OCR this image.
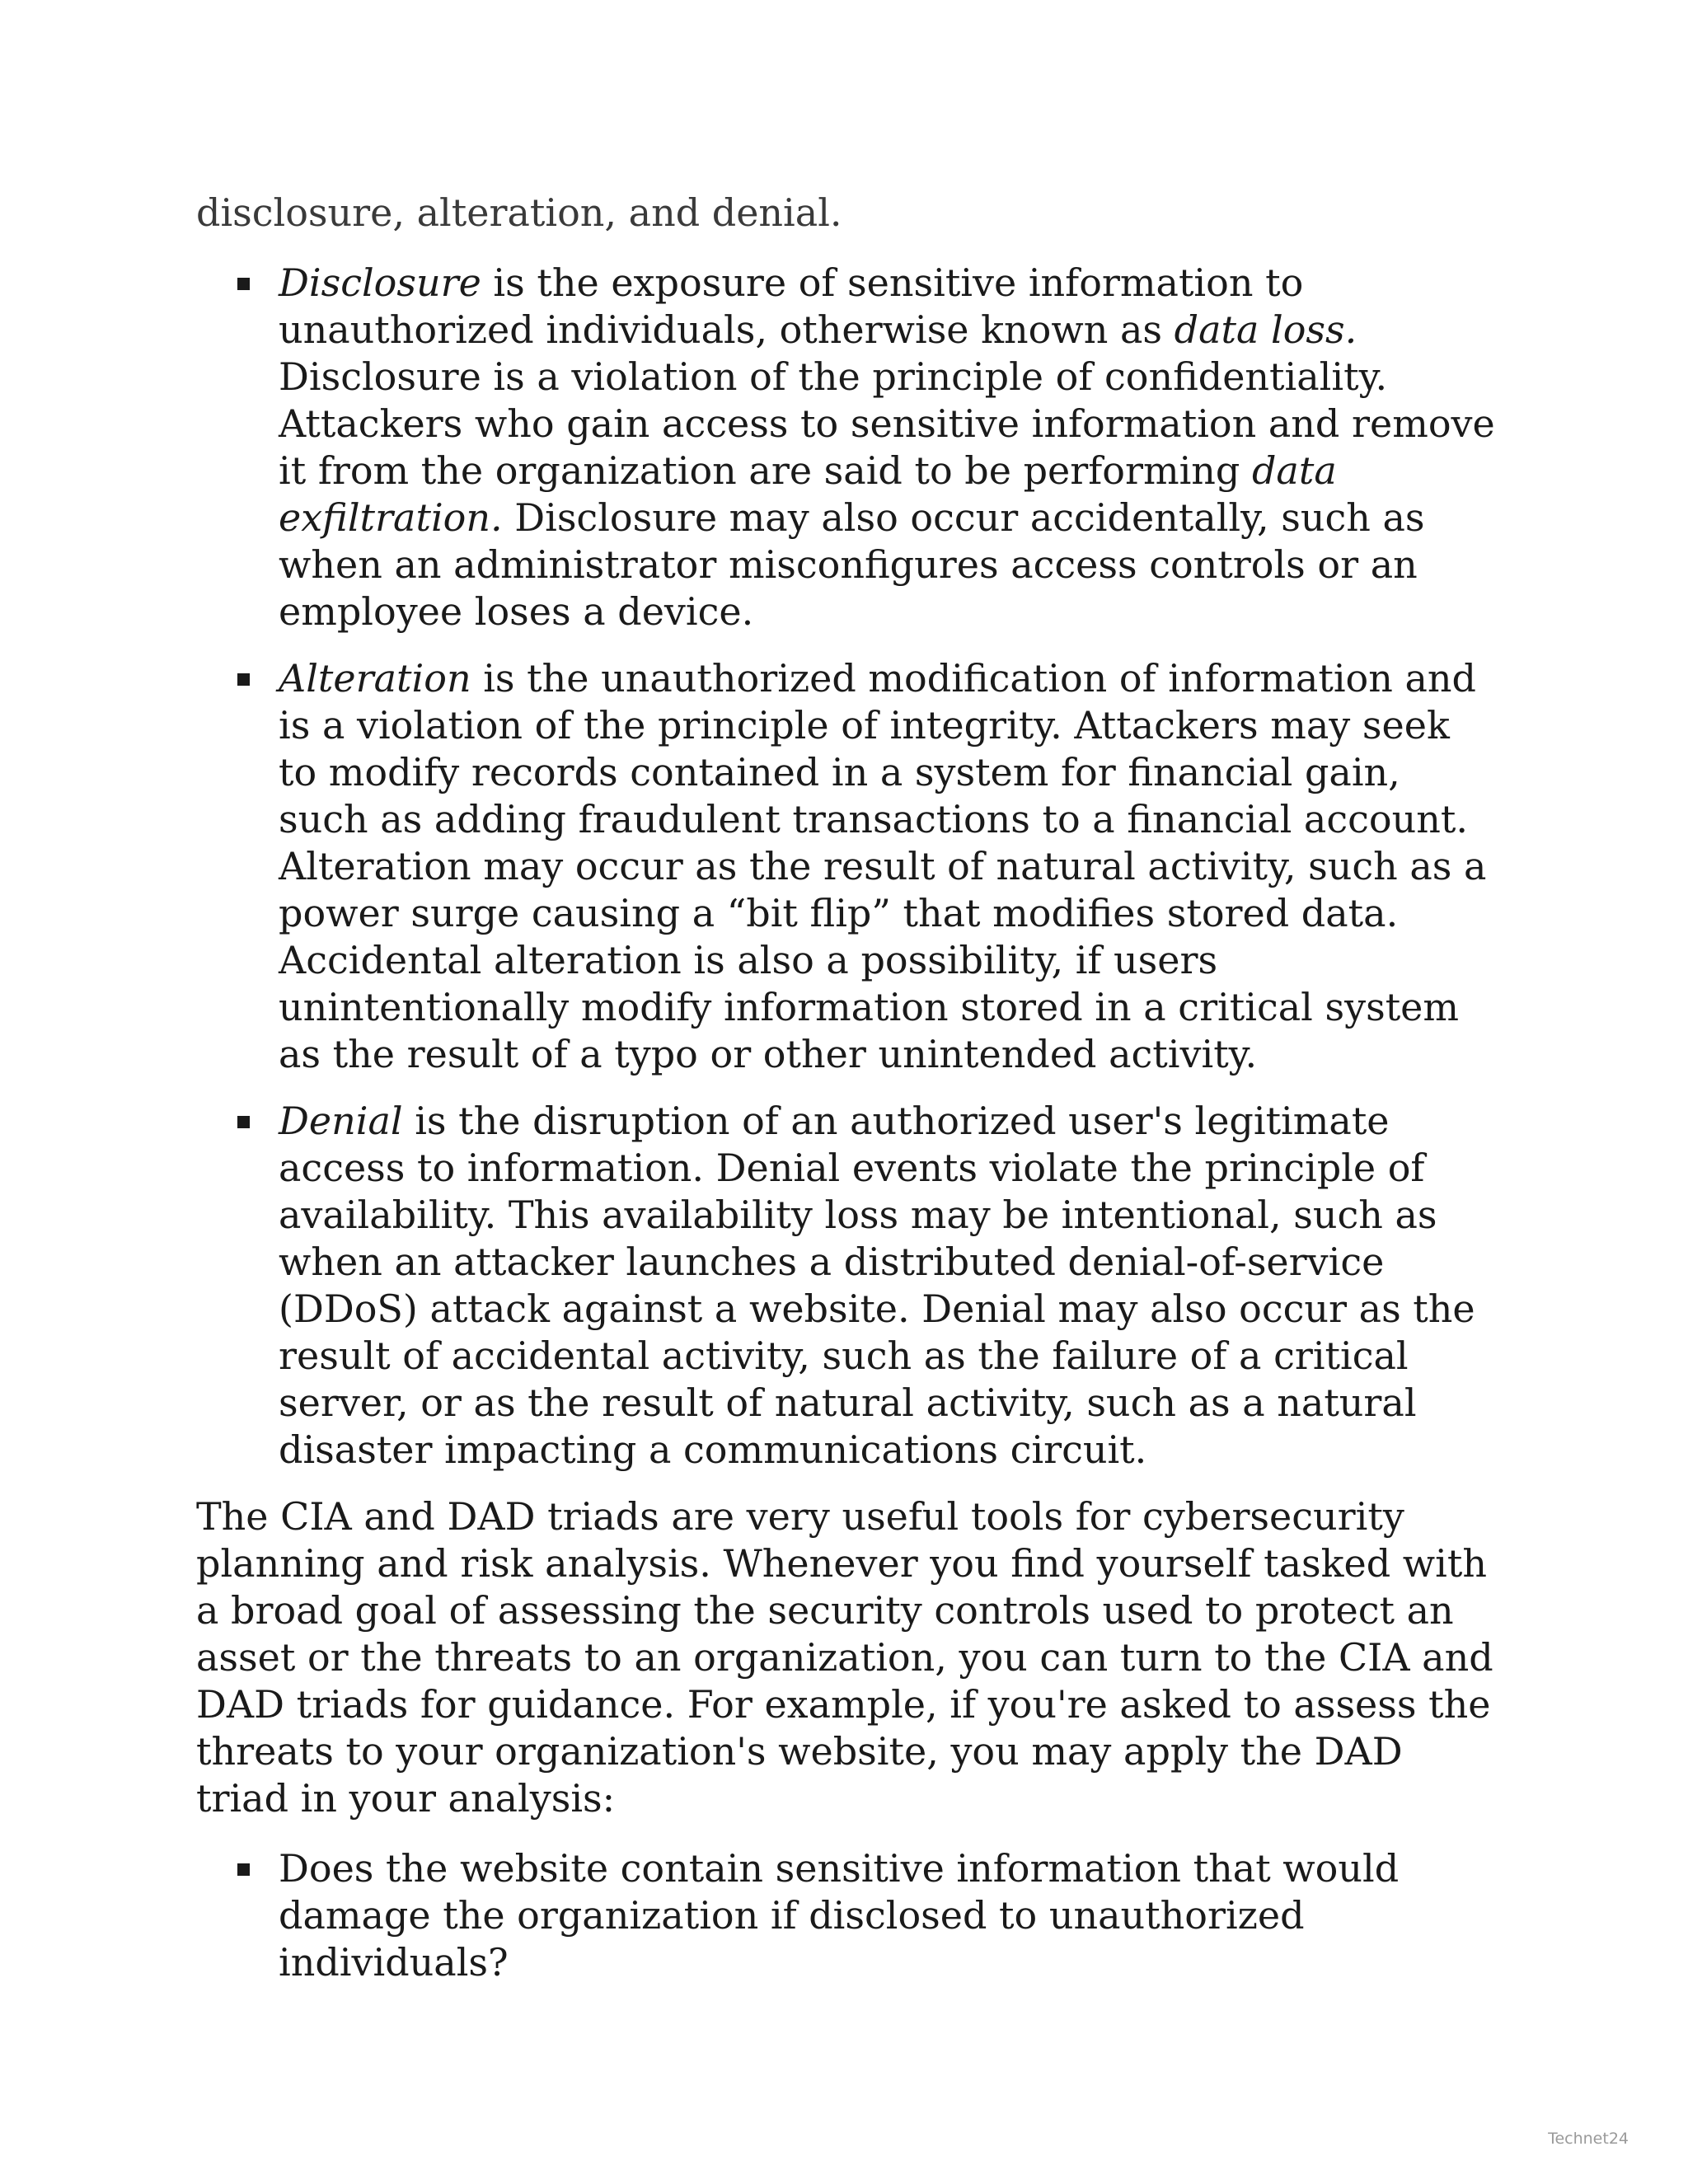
disclosure, alteration, and denial.

Disclosure is the exposure of sensitive information to unauthorized individuals, otherwise known as data loss. Disclosure is a violation of the principle of confidentiality. Attackers who gain access to sensitive information and remove it from the organization are said to be performing data exfiltration. Disclosure may also occur accidentally, such as when an administrator misconfigures access controls or an employee loses a device.
Alteration is the unauthorized modification of information and is a violation of the principle of integrity. Attackers may seek to modify records contained in a system for financial gain, such as adding fraudulent transactions to a financial account. Alteration may occur as the result of natural activity, such as a power surge causing a “bit flip” that modifies stored data. Accidental alteration is also a possibility, if users unintentionally modify information stored in a critical system as the result of a typo or other unintended activity.
Denial is the disruption of an authorized user's legitimate access to information. Denial events violate the principle of availability. This availability loss may be intentional, such as when an attacker launches a distributed denial-of-service (DDoS) attack against a website. Denial may also occur as the result of accidental activity, such as the failure of a critical server, or as the result of natural activity, such as a natural disaster impacting a communications circuit.

The CIA and DAD triads are very useful tools for cybersecurity planning and risk analysis. Whenever you find yourself tasked with a broad goal of assessing the security controls used to protect an asset or the threats to an organization, you can turn to the CIA and DAD triads for guidance. For example, if you're asked to assess the threats to your organization's website, you may apply the DAD triad in your analysis:

Does the website contain sensitive information that would damage the organization if disclosed to unauthorized individuals?
Technet24
